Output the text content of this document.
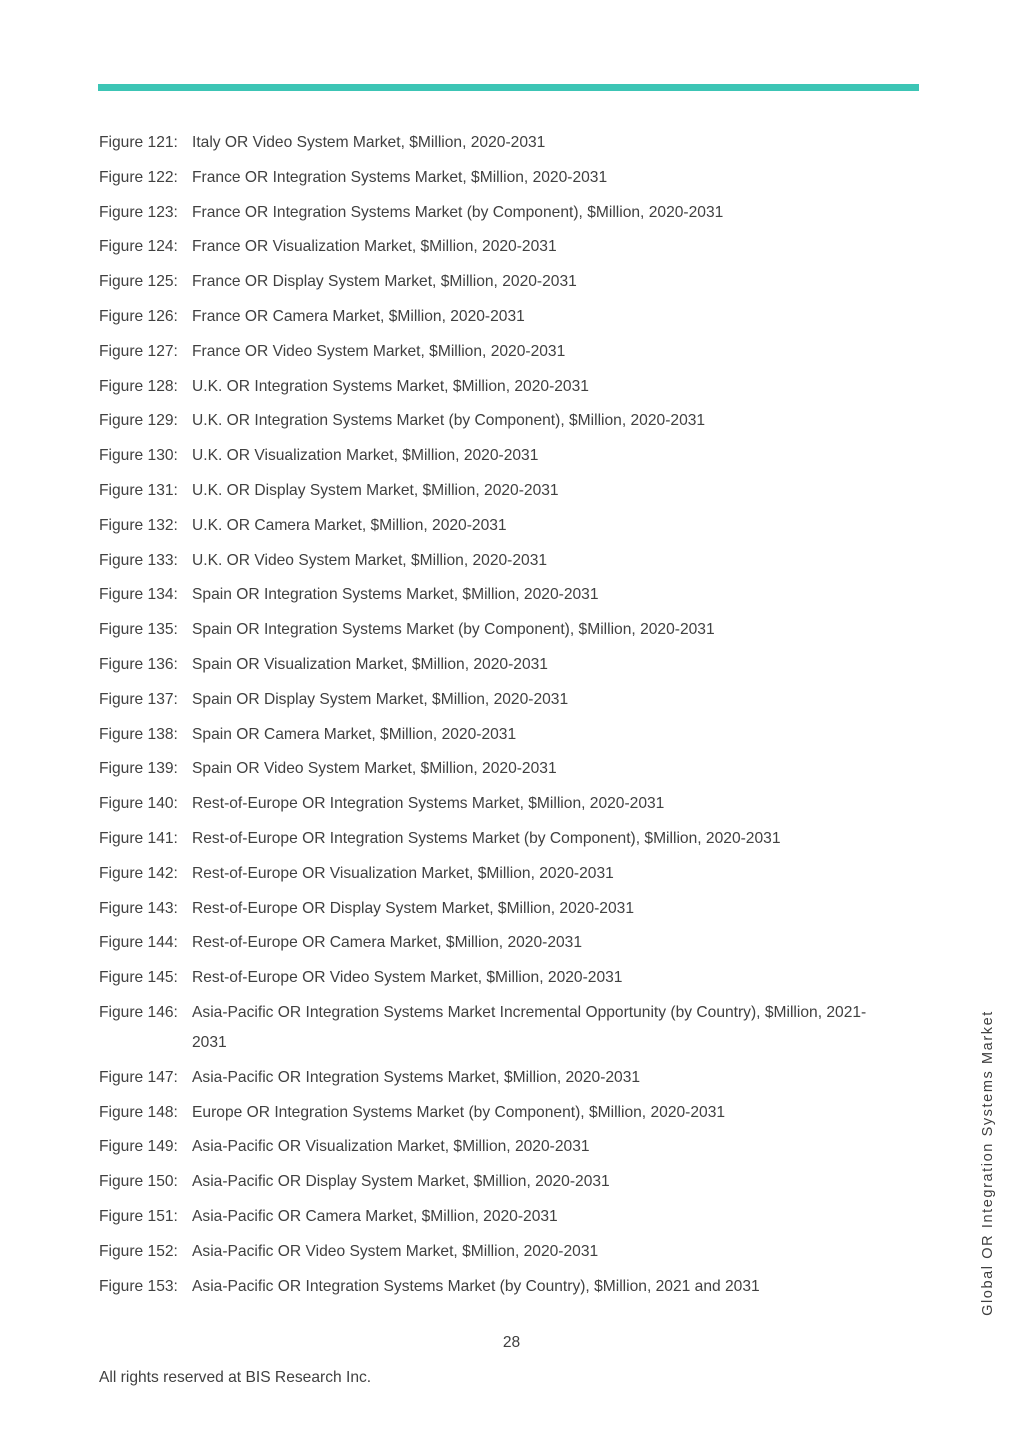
Figure 121: Italy OR Video System Market, $Million, 2020-2031
Figure 122: France OR Integration Systems Market, $Million, 2020-2031
Figure 123: France OR Integration Systems Market (by Component), $Million, 2020-2031
Figure 124: France OR Visualization Market, $Million, 2020-2031
Figure 125: France OR Display System Market, $Million, 2020-2031
Figure 126: France OR Camera Market, $Million, 2020-2031
Figure 127: France OR Video System Market, $Million, 2020-2031
Figure 128: U.K. OR Integration Systems Market, $Million, 2020-2031
Figure 129: U.K. OR Integration Systems Market (by Component), $Million, 2020-2031
Figure 130: U.K. OR Visualization Market, $Million, 2020-2031
Figure 131: U.K. OR Display System Market, $Million, 2020-2031
Figure 132: U.K. OR Camera Market, $Million, 2020-2031
Figure 133: U.K. OR Video System Market, $Million, 2020-2031
Figure 134: Spain OR Integration Systems Market, $Million, 2020-2031
Figure 135: Spain OR Integration Systems Market (by Component), $Million, 2020-2031
Figure 136: Spain OR Visualization Market, $Million, 2020-2031
Figure 137: Spain OR Display System Market, $Million, 2020-2031
Figure 138: Spain OR Camera Market, $Million, 2020-2031
Figure 139: Spain OR Video System Market, $Million, 2020-2031
Figure 140: Rest-of-Europe OR Integration Systems Market, $Million, 2020-2031
Figure 141: Rest-of-Europe OR Integration Systems Market (by Component), $Million, 2020-2031
Figure 142: Rest-of-Europe OR Visualization Market, $Million, 2020-2031
Figure 143: Rest-of-Europe OR Display System Market, $Million, 2020-2031
Figure 144: Rest-of-Europe OR Camera Market, $Million, 2020-2031
Figure 145: Rest-of-Europe OR Video System Market, $Million, 2020-2031
Figure 146: Asia-Pacific OR Integration Systems Market Incremental Opportunity (by Country), $Million, 2021-2031
Figure 147: Asia-Pacific OR Integration Systems Market, $Million, 2020-2031
Figure 148: Europe OR Integration Systems Market (by Component), $Million, 2020-2031
Figure 149: Asia-Pacific OR Visualization Market, $Million, 2020-2031
Figure 150: Asia-Pacific OR Display System Market, $Million, 2020-2031
Figure 151: Asia-Pacific OR Camera Market, $Million, 2020-2031
Figure 152: Asia-Pacific OR Video System Market, $Million, 2020-2031
Figure 153: Asia-Pacific OR Integration Systems Market (by Country), $Million, 2021 and 2031	Global OR Integration Systems Market
28
All rights reserved at BIS Research Inc.
